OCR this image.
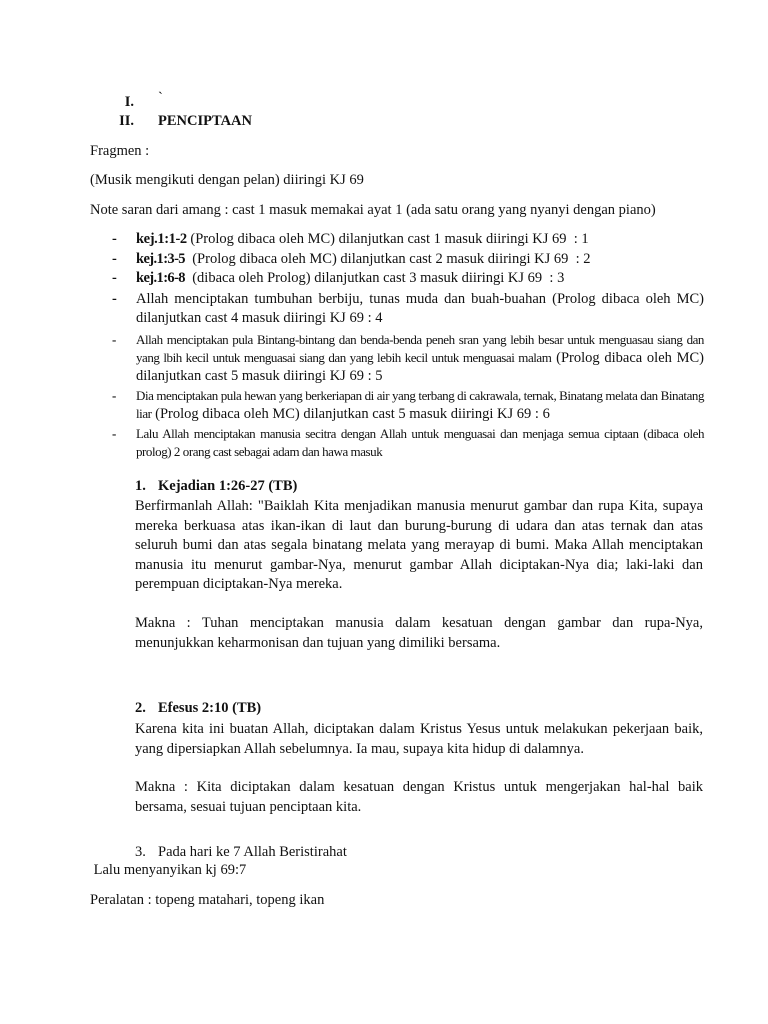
I. `
II. PENCIPTAAN
Fragmen :
(Musik mengikuti dengan pelan) diiringi KJ 69
Note saran dari amang : cast 1 masuk memakai ayat 1 (ada satu orang yang nyanyi dengan piano)
- kej.1:1-2 (Prolog dibaca oleh MC) dilanjutkan cast 1 masuk diiringi KJ 69  : 1
- kej.1:3-5  (Prolog dibaca oleh MC) dilanjutkan cast 2 masuk diiringi KJ 69  : 2
- kej.1:6-8  (dibaca oleh Prolog) dilanjutkan cast 3 masuk diiringi KJ 69  : 3
- Allah menciptakan tumbuhan berbiju, tunas muda dan buah-buahan (Prolog dibaca oleh MC) dilanjutkan cast 4 masuk diiringi KJ 69 : 4
- Allah menciptakan pula Bintang-bintang dan benda-benda peneh sran yang lebih besar untuk menguasau siang dan yang lbih kecil untuk menguasai siang dan yang lebih kecil untuk menguasai malam (Prolog dibaca oleh MC) dilanjutkan cast 5 masuk diiringi KJ 69 : 5
- Dia menciptakan pula hewan yang berkeriapan di air yang terbang di cakrawala, ternak, Binatang melata dan Binatang liar (Prolog dibaca oleh MC) dilanjutkan cast 5 masuk diiringi KJ 69 : 6
- Lalu Allah menciptakan manusia secitra dengan Allah untuk menguasai dan menjaga semua ciptaan (dibaca oleh prolog) 2 orang cast sebagai adam dan hawa masuk
1. Kejadian 1:26-27 (TB)
Berfirmanlah Allah: "Baiklah Kita menjadikan manusia menurut gambar dan rupa Kita, supaya mereka berkuasa atas ikan-ikan di laut dan burung-burung di udara dan atas ternak dan atas seluruh bumi dan atas segala binatang melata yang merayap di bumi. Maka Allah menciptakan manusia itu menurut gambar-Nya, menurut gambar Allah diciptakan-Nya dia; laki-laki dan perempuan diciptakan-Nya mereka.
Makna : Tuhan menciptakan manusia dalam kesatuan dengan gambar dan rupa-Nya, menunjukkan keharmonisan dan tujuan yang dimiliki bersama.
2. Efesus 2:10 (TB)
Karena kita ini buatan Allah, diciptakan dalam Kristus Yesus untuk melakukan pekerjaan baik, yang dipersiapkan Allah sebelumnya. Ia mau, supaya kita hidup di dalamnya.
Makna : Kita diciptakan dalam kesatuan dengan Kristus untuk mengerjakan hal-hal baik bersama, sesuai tujuan penciptaan kita.
3. Pada hari ke 7 Allah Beristirahat
Lalu menyanyikan kj 69:7
Peralatan : topeng matahari, topeng ikan
